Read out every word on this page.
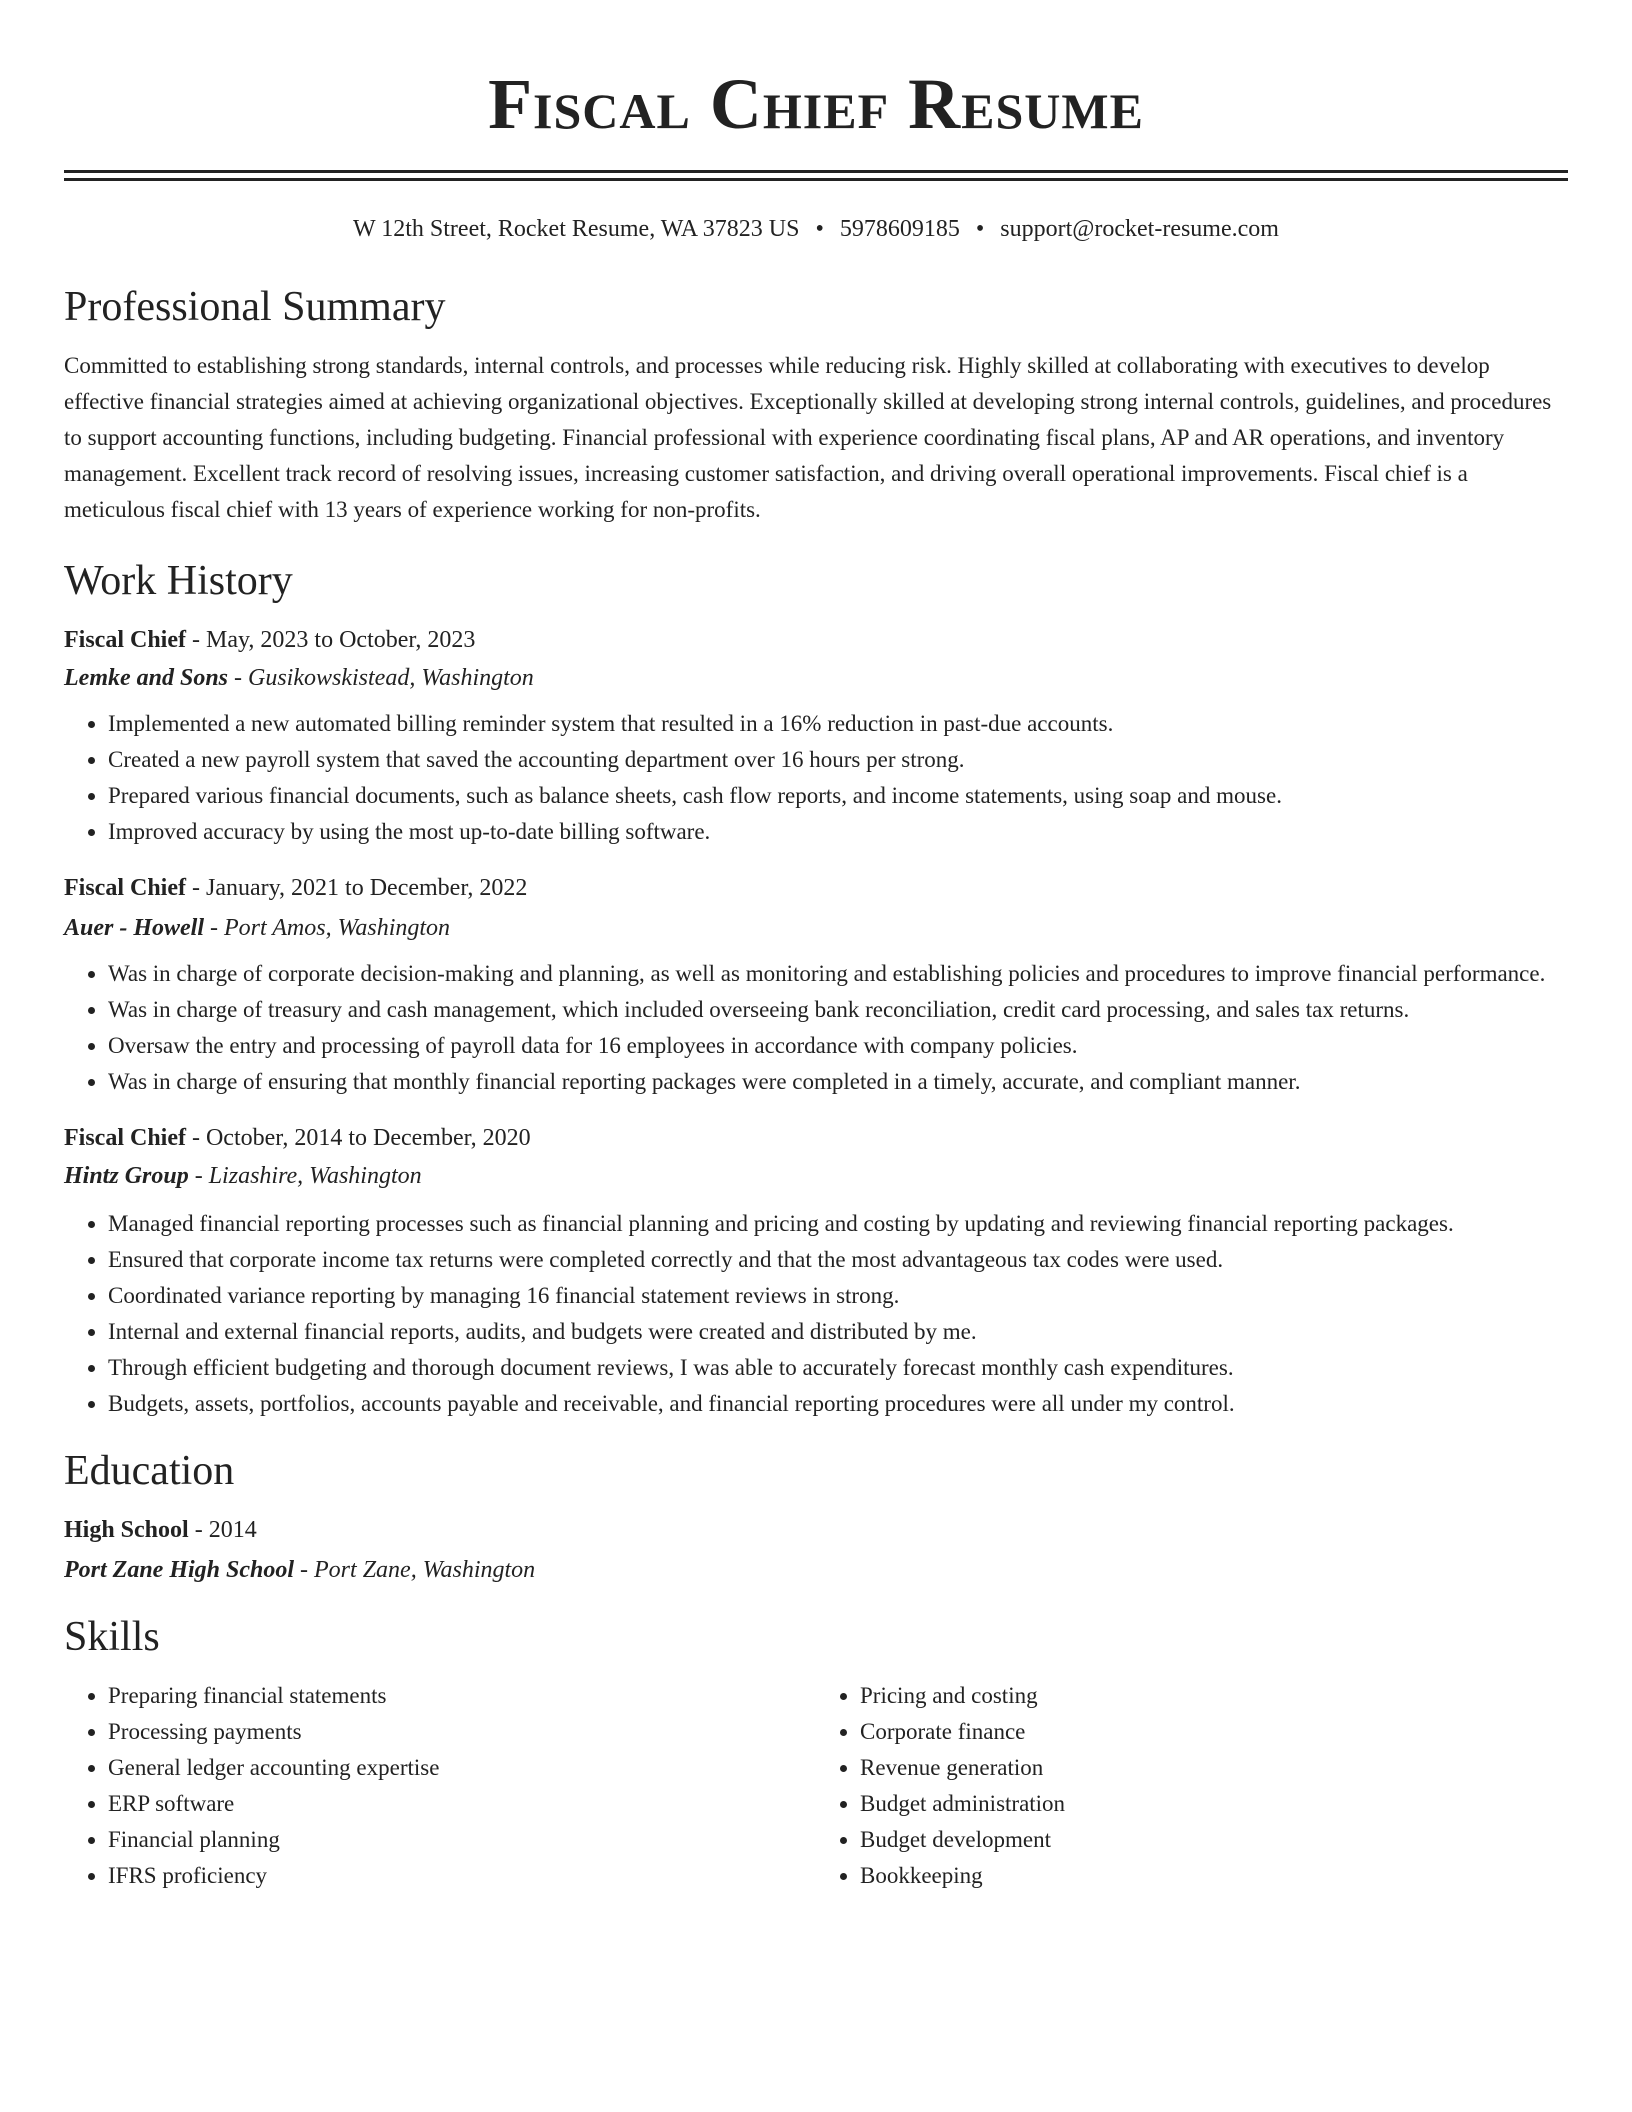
Fiscal Chief Resume
W 12th Street, Rocket Resume, WA 37823 US • 5978609185 • support@rocket-resume.com
Professional Summary

Committed to establishing strong standards, internal controls, and processes while reducing risk. Highly skilled at collaborating with executives to develop effective financial strategies aimed at achieving organizational objectives. Exceptionally skilled at developing strong internal controls, guidelines, and procedures to support accounting functions, including budgeting. Financial professional with experience coordinating fiscal plans, AP and AR operations, and inventory management. Excellent track record of resolving issues, increasing customer satisfaction, and driving overall operational improvements. Fiscal chief is a meticulous fiscal chief with 13 years of experience working for non-profits.

Work History
Fiscal Chief - May, 2023 to October, 2023
Lemke and Sons - Gusikowskistead, Washington
• Implemented a new automated billing reminder system that resulted in a 16% reduction in past-due accounts.
• Created a new payroll system that saved the accounting department over 16 hours per strong.
• Prepared various financial documents, such as balance sheets, cash flow reports, and income statements, using soap and mouse.
• Improved accuracy by using the most up-to-date billing software.
Fiscal Chief - January, 2021 to December, 2022
Auer - Howell - Port Amos, Washington
• Was in charge of corporate decision-making and planning, as well as monitoring and establishing policies and procedures to improve financial performance.
• Was in charge of treasury and cash management, which included overseeing bank reconciliation, credit card processing, and sales tax returns.
• Oversaw the entry and processing of payroll data for 16 employees in accordance with company policies.
• Was in charge of ensuring that monthly financial reporting packages were completed in a timely, accurate, and compliant manner.
Fiscal Chief - October, 2014 to December, 2020
Hintz Group - Lizashire, Washington
• Managed financial reporting processes such as financial planning and pricing and costing by updating and reviewing financial reporting packages.
• Ensured that corporate income tax returns were completed correctly and that the most advantageous tax codes were used.
• Coordinated variance reporting by managing 16 financial statement reviews in strong.
• Internal and external financial reports, audits, and budgets were created and distributed by me.
• Through efficient budgeting and thorough document reviews, I was able to accurately forecast monthly cash expenditures.
• Budgets, assets, portfolios, accounts payable and receivable, and financial reporting procedures were all under my control.
Education
High School - 2014
Port Zane High School - Port Zane, Washington
Skills
• Preparing financial statements
• Processing payments
• General ledger accounting expertise
• ERP software
• Financial planning
• IFRS proficiency
• Pricing and costing
• Corporate finance
• Revenue generation
• Budget administration
• Budget development
• Bookkeeping
